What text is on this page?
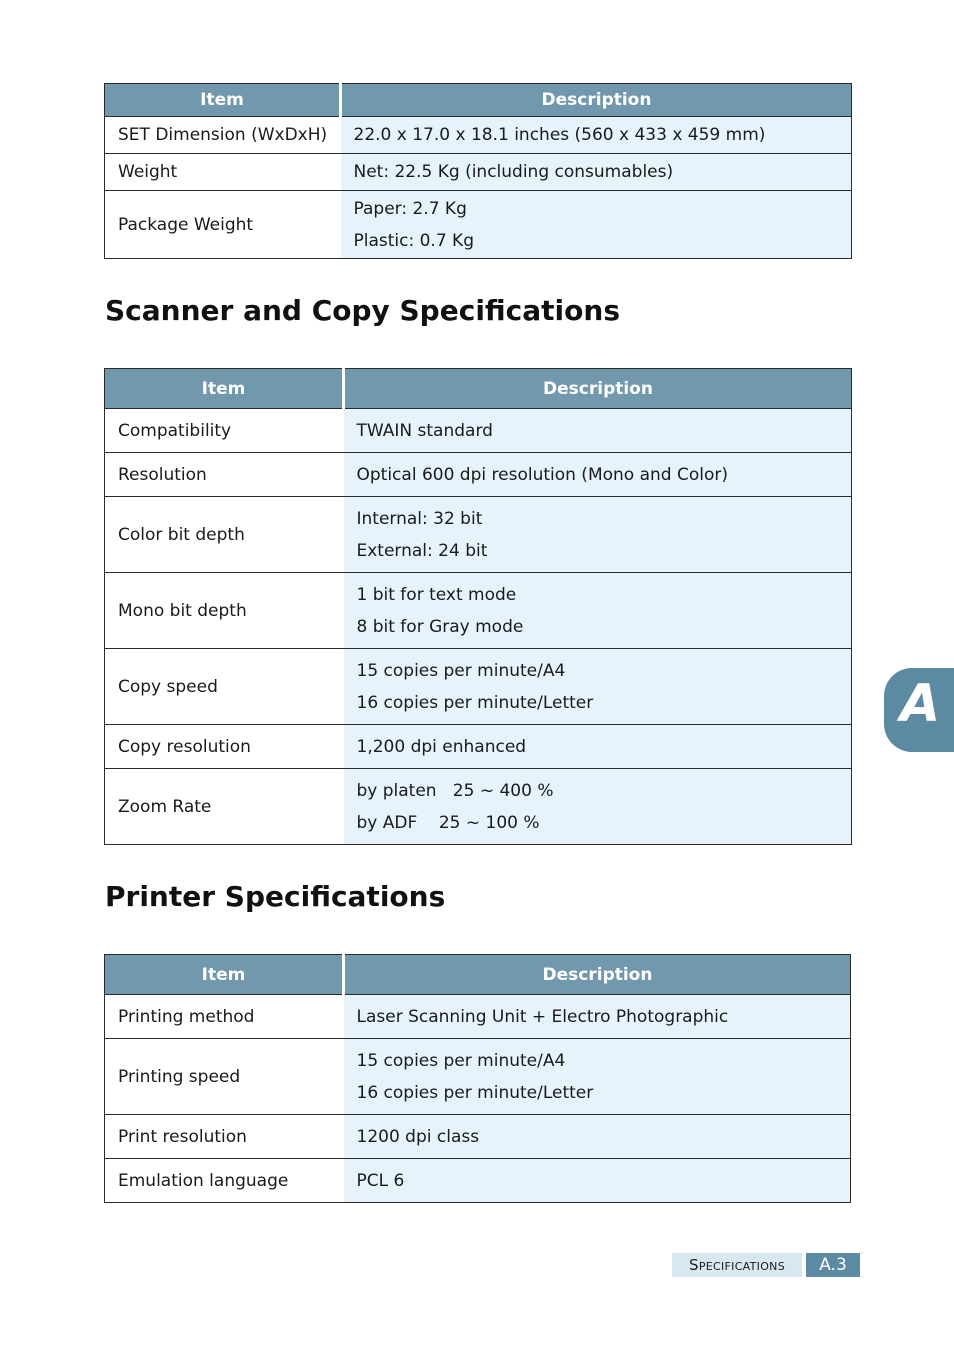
Item	Description
SET Dimension (WxDxH)	22.0 x 17.0 x 18.1 inches (560 x 433 x 459 mm)

Weight	Net: 22.5 Kg (including consumables)

Package Weight	Paper: 2.7 Kg
Plastic: 0.7 Kg
Scanner and Copy Specifications
Item	Description
Compatibility	TWAIN standard

Resolution	Optical 600 dpi resolution (Mono and Color)

Color bit depth	Internal: 32 bit
External: 24 bit

Mono bit depth	1 bit for text mode
8 bit for Gray mode

Copy speed	15 copies per minute/A4
16 copies per minute/Letter

Copy resolution	1,200 dpi enhanced

Zoom Rate	by platen   25 ~ 400 %
by ADF    25 ~ 100 %
Printer Specifications
Item	Description
Printing method	Laser Scanning Unit + Electro Photographic

Printing speed	15 copies per minute/A4
16 copies per minute/Letter

Print resolution	1200 dpi class

Emulation language	PCL 6
A
Specifications	A.3
